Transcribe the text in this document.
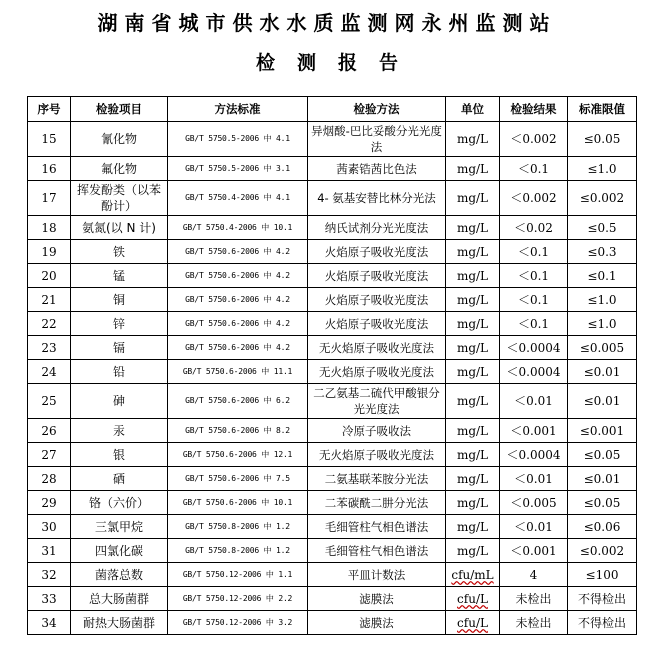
湖南省城市供水水质监测网永州监测站
检测报告
序号	检验项目	方法标准	检验方法	单位	检验结果	标准限值
15	氰化物	GB/T 5750.5-2006 中 4.1	异烟酸-巴比妥酸分光光度法	mg/L	＜0.002	≤0.05
16	氟化物	GB/T 5750.5-2006 中 3.1	茜素锆茜比色法	mg/L	＜0.1	≤1.0
17	挥发酚类（以苯酚计）	GB/T 5750.4-2006 中 4.1	4- 氨基安替比林分光法	mg/L	＜0.002	≤0.002
18	氨氮(以 N 计)	GB/T 5750.4-2006 中 10.1	纳氏试剂分光光度法	mg/L	＜0.02	≤0.5
19	铁	GB/T 5750.6-2006 中 4.2	火焰原子吸收光度法	mg/L	＜0.1	≤0.3
20	锰	GB/T 5750.6-2006 中 4.2	火焰原子吸收光度法	mg/L	＜0.1	≤0.1
21	铜	GB/T 5750.6-2006 中 4.2	火焰原子吸收光度法	mg/L	＜0.1	≤1.0
22	锌	GB/T 5750.6-2006 中 4.2	火焰原子吸收光度法	mg/L	＜0.1	≤1.0
23	镉	GB/T 5750.6-2006 中 4.2	无火焰原子吸收光度法	mg/L	＜0.0004	≤0.005
24	铅	GB/T 5750.6-2006 中 11.1	无火焰原子吸收光度法	mg/L	＜0.0004	≤0.01
25	砷	GB/T 5750.6-2006 中 6.2	二乙氨基二硫代甲酸银分光光度法	mg/L	＜0.01	≤0.01
26	汞	GB/T 5750.6-2006 中 8.2	冷原子吸收法	mg/L	＜0.001	≤0.001
27	银	GB/T 5750.6-2006 中 12.1	无火焰原子吸收光度法	mg/L	＜0.0004	≤0.05
28	硒	GB/T 5750.6-2006 中 7.5	二氨基联苯胺分光法	mg/L	＜0.01	≤0.01
29	铬（六价）	GB/T 5750.6-2006 中 10.1	二苯碳酰二肼分光法	mg/L	＜0.005	≤0.05
30	三氯甲烷	GB/T 5750.8-2006 中 1.2	毛细管柱气相色谱法	mg/L	＜0.01	≤0.06
31	四氯化碳	GB/T 5750.8-2006 中 1.2	毛细管柱气相色谱法	mg/L	＜0.001	≤0.002
32	菌落总数	GB/T 5750.12-2006 中 1.1	平皿计数法	cfu/mL	4	≤100
33	总大肠菌群	GB/T 5750.12-2006 中 2.2	滤膜法	cfu/L	未检出	不得检出
34	耐热大肠菌群	GB/T 5750.12-2006 中 3.2	滤膜法	cfu/L	未检出	不得检出
